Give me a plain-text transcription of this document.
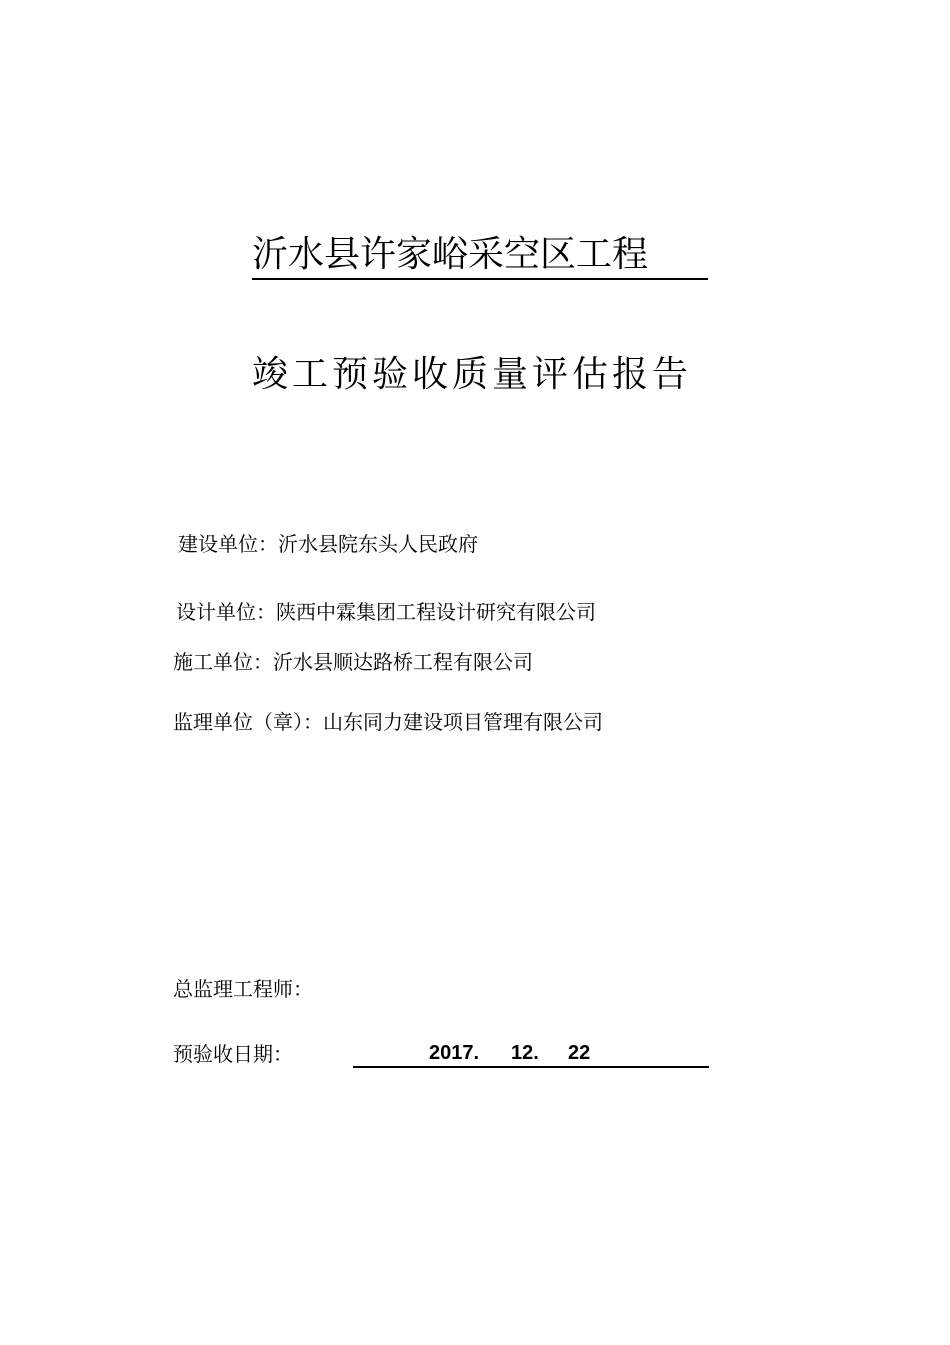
沂水县许家峪采空区工程
竣工预验收质量评估报告
建设单位：沂水县院东头人民政府
设计单位：陕西中霖集团工程设计研究有限公司
施工单位：沂水县顺达路桥工程有限公司
监理单位（章）：山东同力建设项目管理有限公司
总监理工程师：
预验收日期：

	2017.

12.

22
